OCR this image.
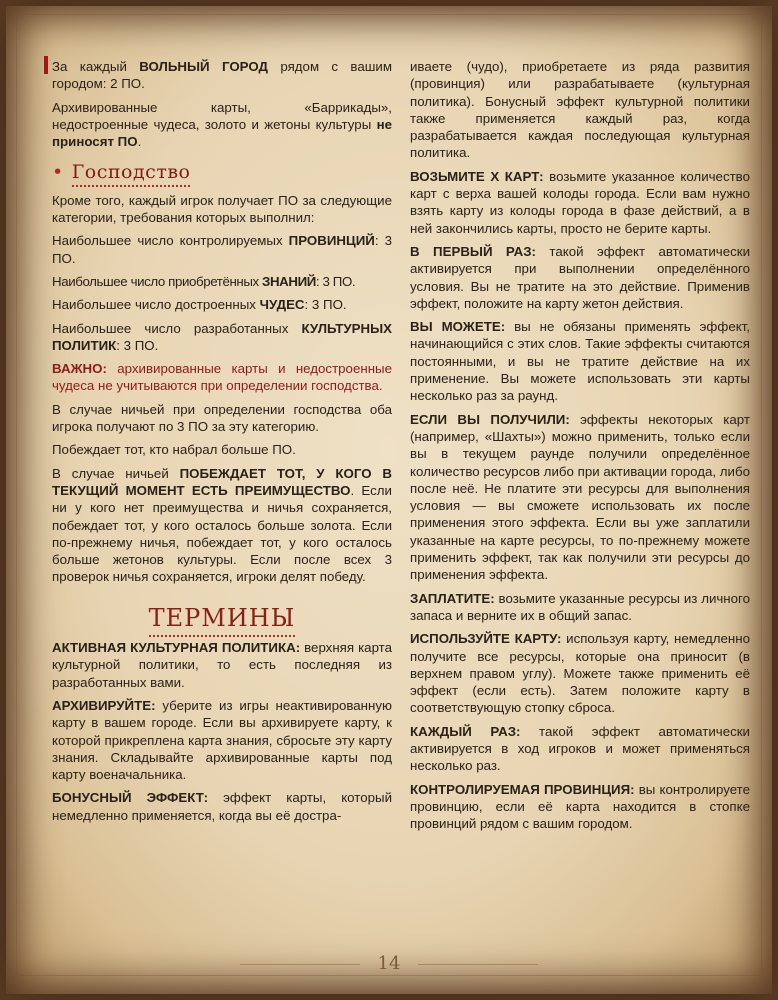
За каждый ВОЛЬНЫЙ ГОРОД рядом с вашим городом: 2 ПО.

Архивированные карты, «Баррикады», недостроенные чудеса, золото и жетоны культуры не приносят ПО.

• Господство

Кроме того, каждый игрок получает ПО за следующие категории, требования которых выполнил:

Наибольшее число контролируемых ПРОВИНЦИЙ: 3 ПО.

Наибольшее число приобретённых ЗНАНИЙ: 3 ПО.

Наибольшее число достроенных ЧУДЕС: 3 ПО.

Наибольшее число разработанных КУЛЬТУРНЫХ ПОЛИТИК: 3 ПО.

ВАЖНО: архивированные карты и недостроенные чудеса не учитываются при определении господства.

В случае ничьей при определении господства оба игрока получают по 3 ПО за эту категорию.

Побеждает тот, кто набрал больше ПО.

В случае ничьей ПОБЕЖДАЕТ ТОТ, У КОГО В ТЕКУЩИЙ МОМЕНТ ЕСТЬ ПРЕИМУЩЕСТВО. Если ни у кого нет преимущества и ничья сохраняется, побеждает тот, у кого осталось больше золота. Если по-прежнему ничья, побеждает тот, у кого осталось больше жетонов культуры. Если после всех 3 проверок ничья сохраняется, игроки делят победу.

ТЕРМИНЫ

АКТИВНАЯ КУЛЬТУРНАЯ ПОЛИТИКА: верхняя карта культурной политики, то есть последняя из разработанных вами.

АРХИВИРУЙТЕ: уберите из игры неактивированную карту в вашем городе. Если вы архивируете карту, к которой прикреплена карта знания, сбросьте эту карту знания. Складывайте архивированные карты под карту военачальника.

БОНУСНЫЙ ЭФФЕКТ: эффект карты, который немедленно применяется, когда вы её достра-

иваете (чудо), приобретаете из ряда развития (провинция) или разрабатываете (культурная политика). Бонусный эффект культурной политики также применяется каждый раз, когда разрабатывается каждая последующая культурная политика.

ВОЗЬМИТЕ X КАРТ: возьмите указанное количество карт с верха вашей колоды города. Если вам нужно взять карту из колоды города в фазе действий, а в ней закончились карты, просто не берите карты.

В ПЕРВЫЙ РАЗ: такой эффект автоматически активируется при выполнении определённого условия. Вы не тратите на это действие. Применив эффект, положите на карту жетон действия.

ВЫ МОЖЕТЕ: вы не обязаны применять эффект, начинающийся с этих слов. Такие эффекты считаются постоянными, и вы не тратите действие на их применение. Вы можете использовать эти карты несколько раз за раунд.

ЕСЛИ ВЫ ПОЛУЧИЛИ: эффекты некоторых карт (например, «Шахты») можно применить, только если вы в текущем раунде получили определённое количество ресурсов либо при активации города, либо после неё. Не платите эти ресурсы для выполнения условия — вы сможете использовать их после применения этого эффекта. Если вы уже заплатили указанные на карте ресурсы, то по-прежнему можете применить эффект, так как получили эти ресурсы до применения эффекта.

ЗАПЛАТИТЕ: возьмите указанные ресурсы из личного запаса и верните их в общий запас.

ИСПОЛЬЗУЙТЕ КАРТУ: используя карту, немедленно получите все ресурсы, которые она приносит (в верхнем правом углу). Можете также применить её эффект (если есть). Затем положите карту в соответствующую стопку сброса.

КАЖДЫЙ РАЗ: такой эффект автоматически активируется в ход игроков и может применяться несколько раз.

КОНТРОЛИРУЕМАЯ ПРОВИНЦИЯ: вы контролируете провинцию, если её карта находится в стопке провинций рядом с вашим городом.

14
